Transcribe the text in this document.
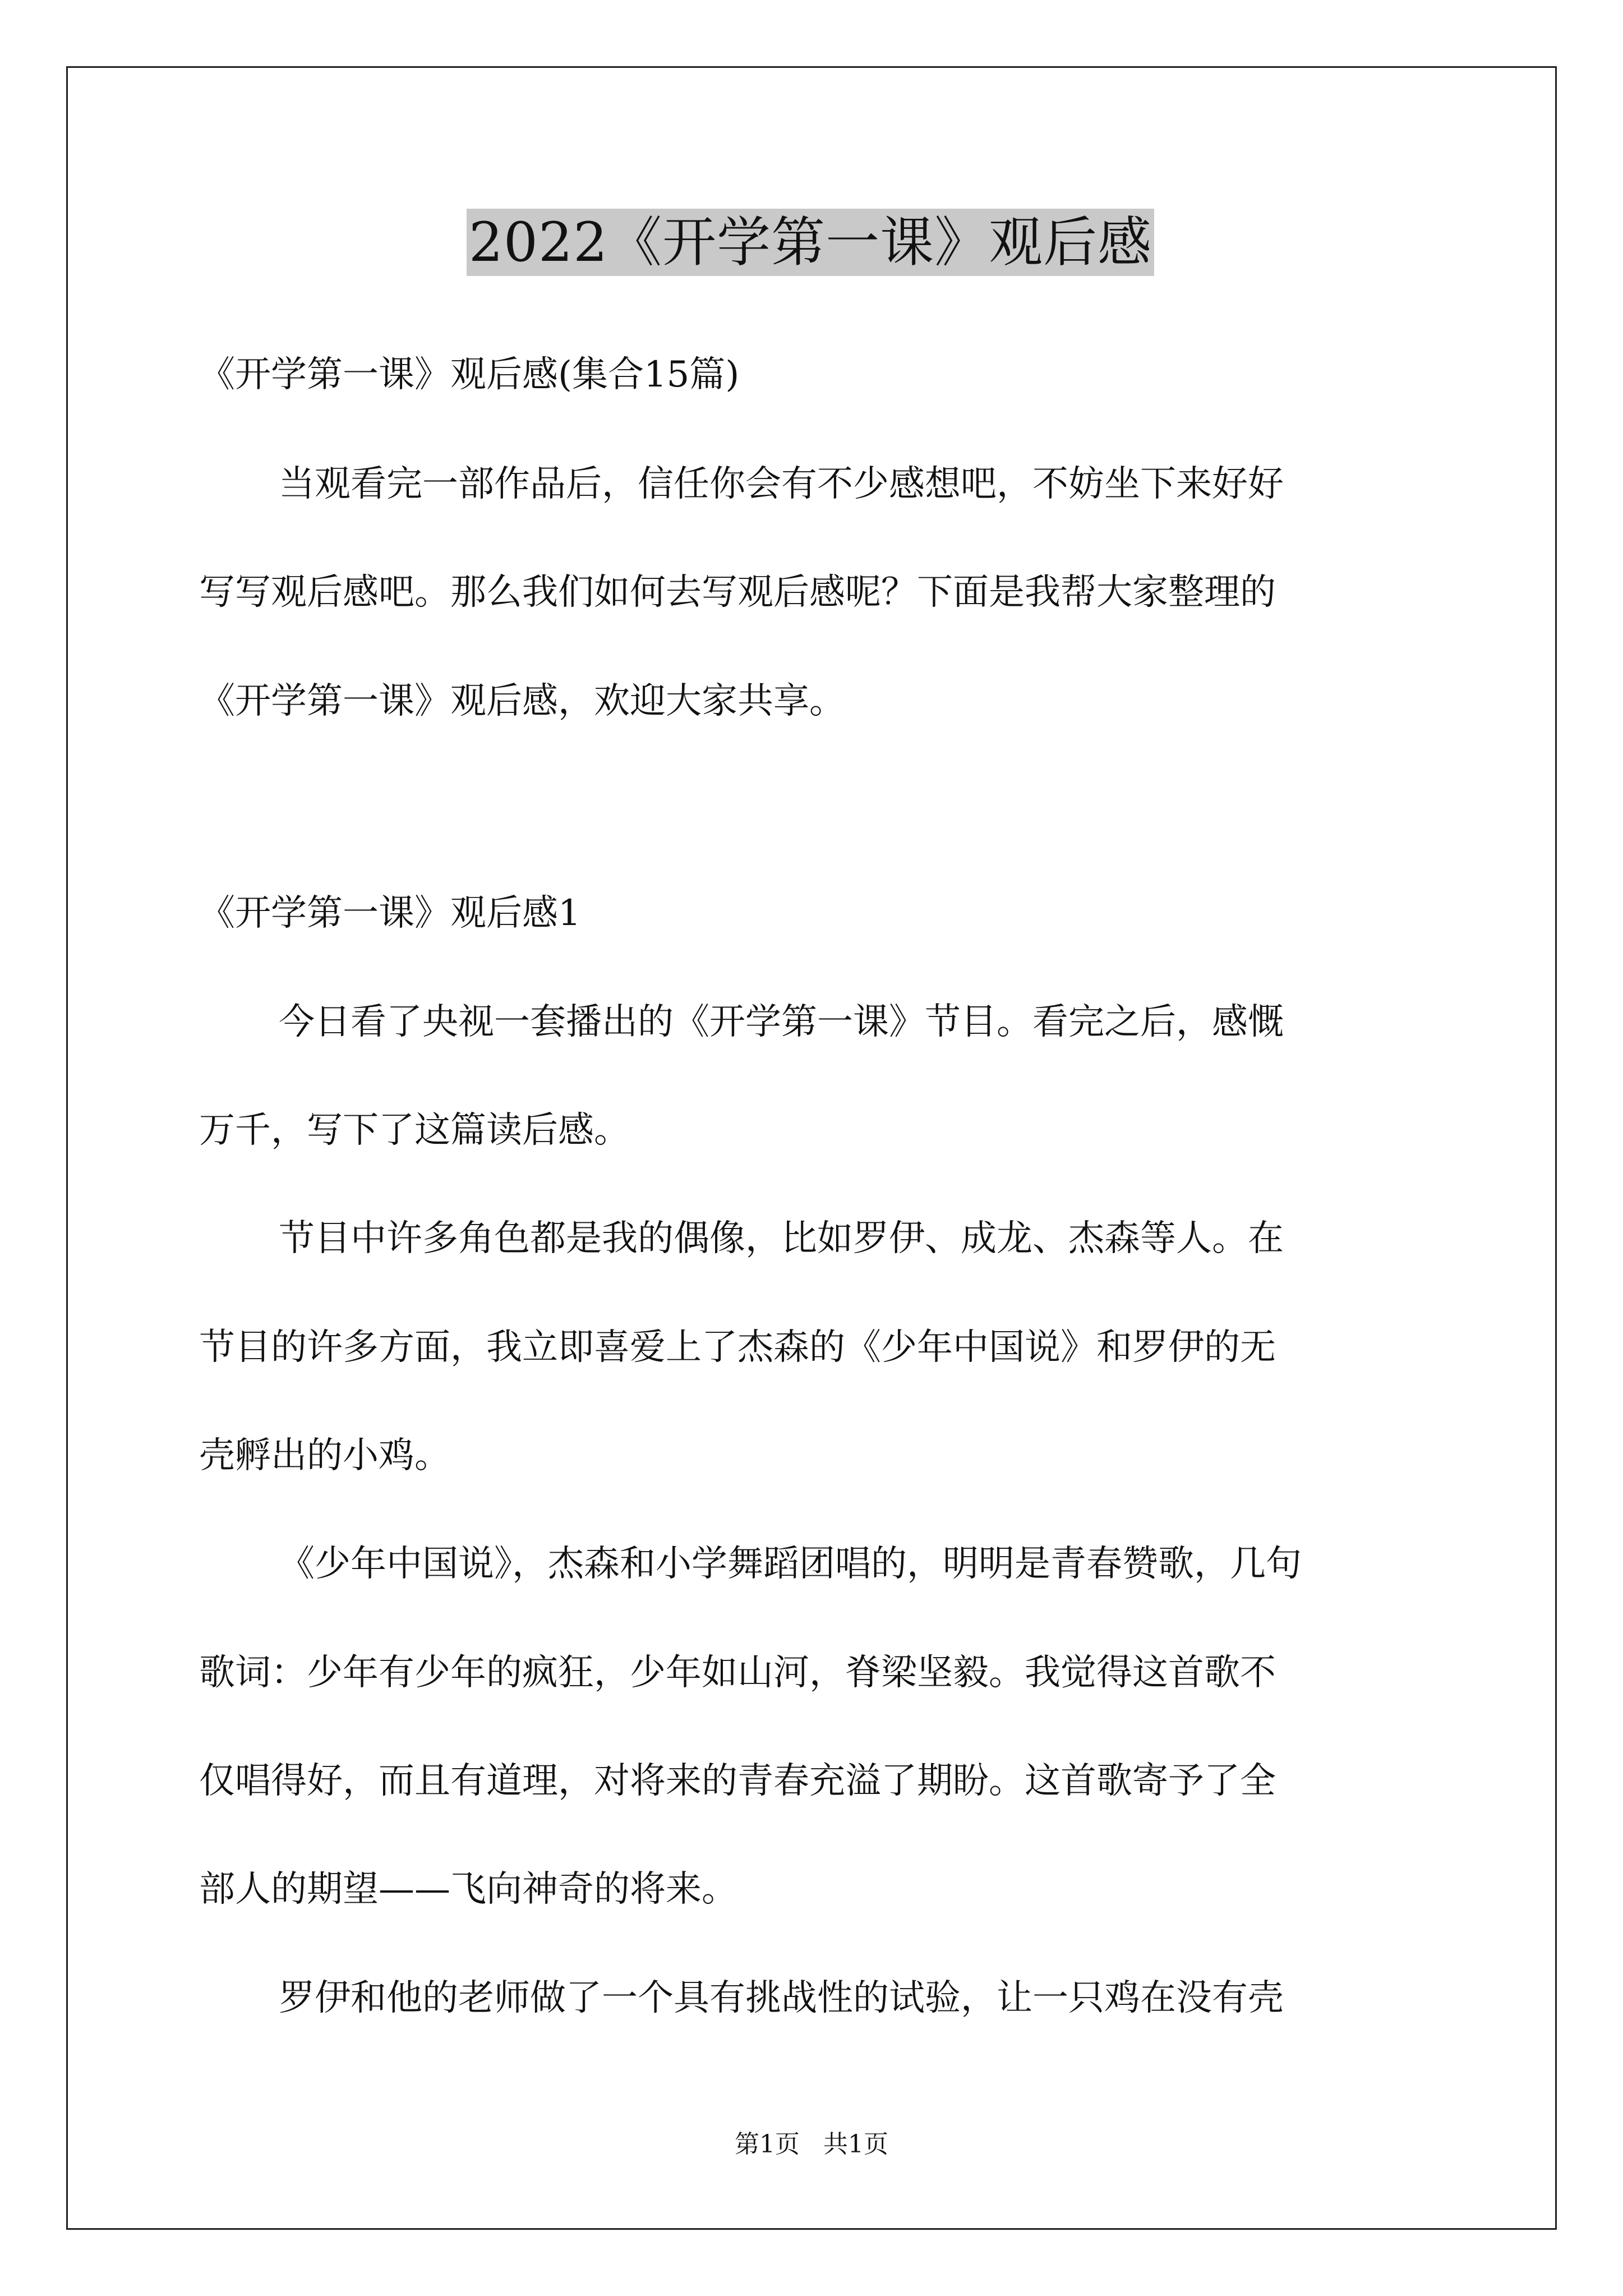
2022《开学第一课》观后感
《开学第一课》观后感(集合15篇)
当观看完一部作品后，信任你会有不少感想吧，不妨坐下来好好
写写观后感吧。那么我们如何去写观后感呢？下面是我帮大家整理的
《开学第一课》观后感，欢迎大家共享。
《开学第一课》观后感1
今日看了央视一套播出的《开学第一课》节目。看完之后，感慨
万千，写下了这篇读后感。
节目中许多角色都是我的偶像，比如罗伊、成龙、杰森等人。在
节目的许多方面，我立即喜爱上了杰森的《少年中国说》和罗伊的无
壳孵出的小鸡。
《少年中国说》，杰森和小学舞蹈团唱的，明明是青春赞歌，几句
歌词：少年有少年的疯狂，少年如山河，脊梁坚毅。我觉得这首歌不
仅唱得好，而且有道理，对将来的青春充溢了期盼。这首歌寄予了全
部人的期望——飞向神奇的将来。
罗伊和他的老师做了一个具有挑战性的试验，让一只鸡在没有壳
第1页   共1页
